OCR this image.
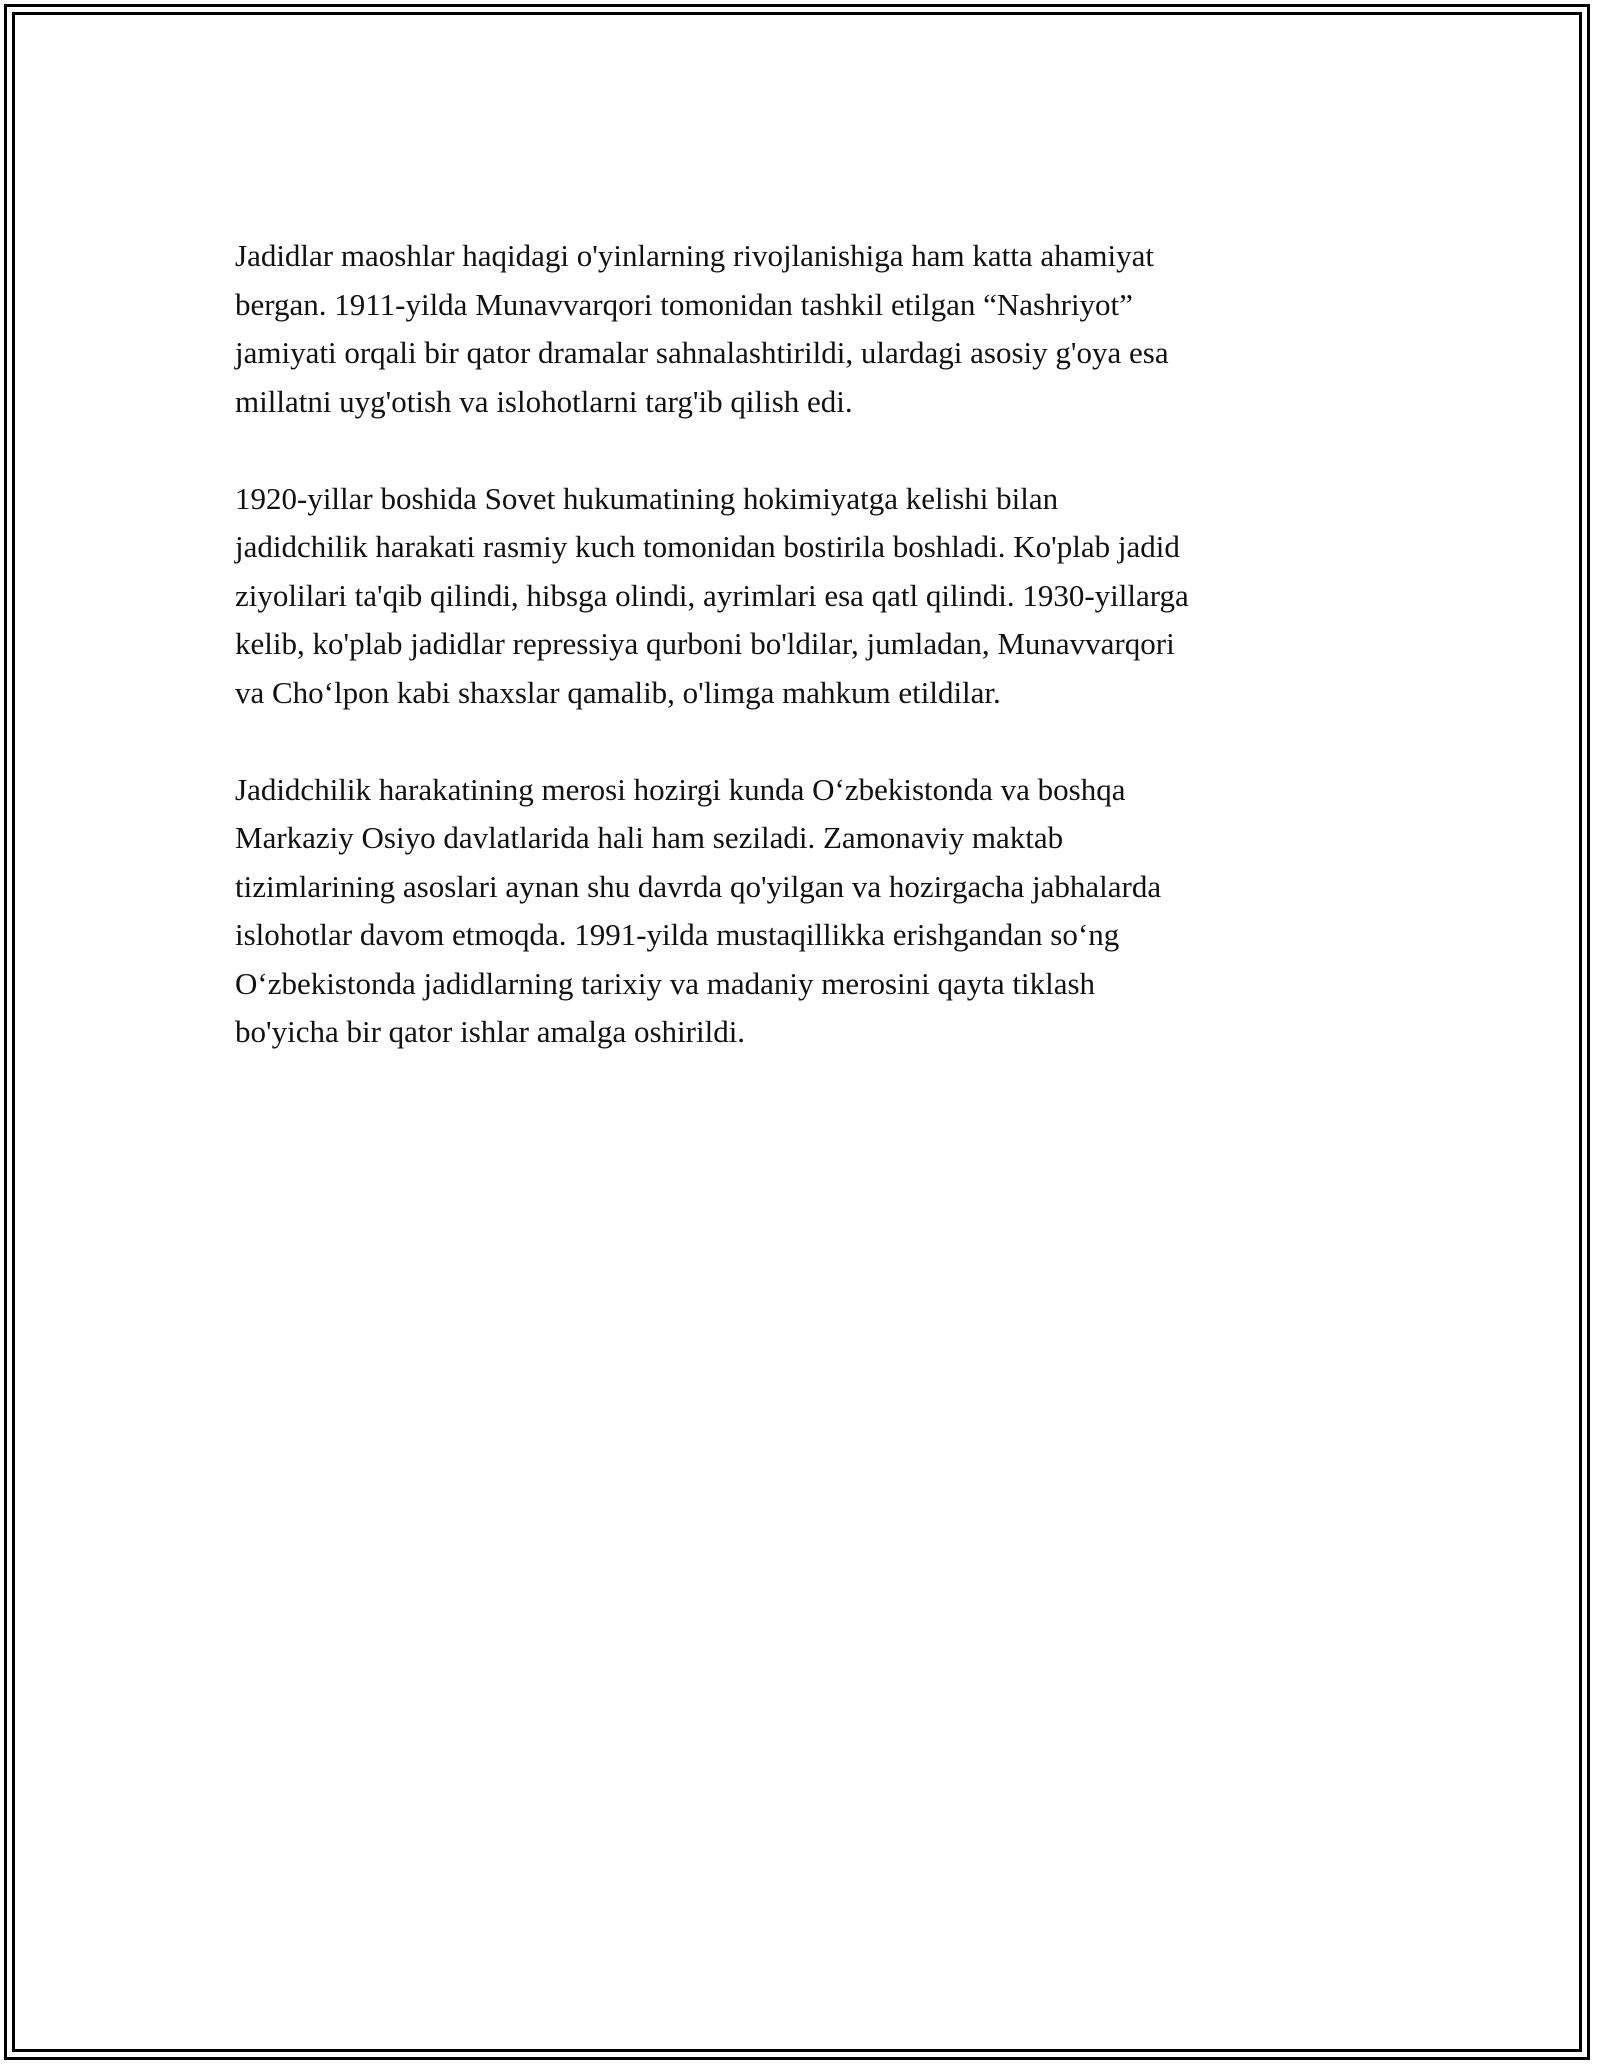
Jadidlar maoshlar haqidagi o'yinlarning rivojlanishiga ham katta ahamiyat
bergan. 1911-yilda Munavvarqori tomonidan tashkil etilgan “Nashriyot”
jamiyati orqali bir qator dramalar sahnalashtirildi, ulardagi asosiy g'oya esa
millatni uyg'otish va islohotlarni targ'ib qilish edi.

1920-yillar boshida Sovet hukumatining hokimiyatga kelishi bilan
jadidchilik harakati rasmiy kuch tomonidan bostirila boshladi. Ko'plab jadid
ziyolilari ta'qib qilindi, hibsga olindi, ayrimlari esa qatl qilindi. 1930-yillarga
kelib, ko'plab jadidlar repressiya qurboni bo'ldilar, jumladan, Munavvarqori
va Cho‘lpon kabi shaxslar qamalib, o'limga mahkum etildilar.

Jadidchilik harakatining merosi hozirgi kunda O‘zbekistonda va boshqa
Markaziy Osiyo davlatlarida hali ham seziladi. Zamonaviy maktab
tizimlarining asoslari aynan shu davrda qo'yilgan va hozirgacha jabhalarda
islohotlar davom etmoqda. 1991-yilda mustaqillikka erishgandan so‘ng
O‘zbekistonda jadidlarning tarixiy va madaniy merosini qayta tiklash
bo'yicha bir qator ishlar amalga oshirildi.
